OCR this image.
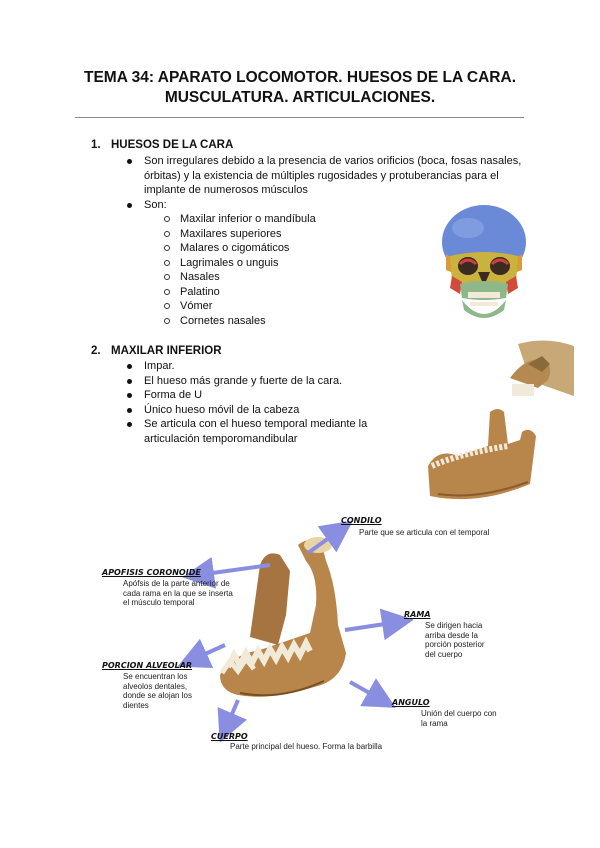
TEMA 34: APARATO LOCOMOTOR. HUESOS DE LA CARA.
MUSCULATURA. ARTICULACIONES.
1. HUESOS DE LA CARA
Son irregulares debido a la presencia de varios orificios (boca, fosas nasales,
órbitas) y la existencia de múltiples rugosidades y protuberancias para el
implante de numerosos músculos
Son:
Maxilar inferior o mandíbula
Maxilares superiores
Malares o cigomáticos
Lagrimales o unguis
Nasales
Palatino
Vómer
Cornetes nasales
2. MAXILAR INFERIOR
Impar.
El hueso más grande y fuerte de la cara.
Forma de U
Único hueso móvil de la cabeza
Se articula con el hueso temporal mediante la
articulación temporomandibular
CONDILO
Parte que se articula con el temporal
APOFISIS CORONOIDE
Apófsis de la parte anterior de
cada rama en la que se inserta
el músculo temporal
RAMA
Se dirigen hacia
arriba desde la
porción posterior
del cuerpo
PORCION ALVEOLAR
Se encuentran los
alveolos dentales,
donde se alojan los
dientes	ANGULO
Unión del cuerpo con
la rama
CUERPO
Parte principal del hueso. Forma la barbilla
